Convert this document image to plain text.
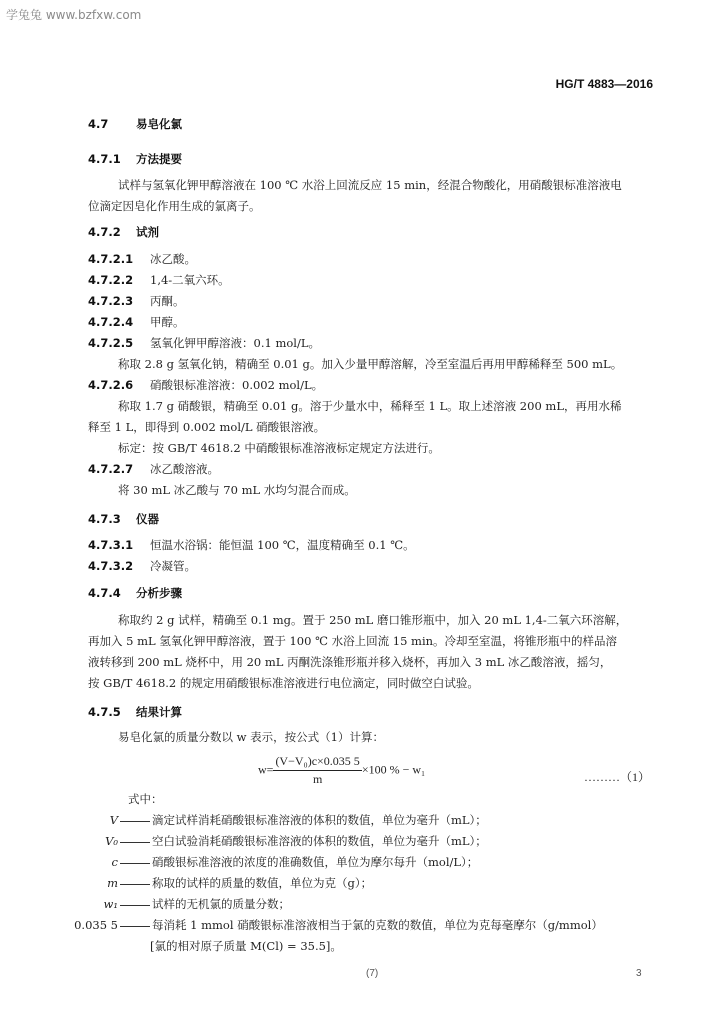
学兔兔 www.bzfxw.com
HG/T 4883—2016
4.7 易皂化氯
4.7.1 方法提要
试样与氢氧化钾甲醇溶液在 100 ℃ 水浴上回流反应 15 min，经混合物酸化，用硝酸银标准溶液电
位滴定因皂化作用生成的氯离子。
4.7.2 试剂
4.7.2.1 冰乙酸。
4.7.2.2 1,4-二氧六环。
4.7.2.3 丙酮。
4.7.2.4 甲醇。
4.7.2.5 氢氧化钾甲醇溶液：0.1 mol/L。
称取 2.8 g 氢氧化钠，精确至 0.01 g。加入少量甲醇溶解，冷至室温后再用甲醇稀释至 500 mL。
4.7.2.6 硝酸银标准溶液：0.002 mol/L。
称取 1.7 g 硝酸银，精确至 0.01 g。溶于少量水中，稀释至 1 L。取上述溶液 200 mL，再用水稀
释至 1 L，即得到 0.002 mol/L 硝酸银溶液。
标定：按 GB/T 4618.2 中硝酸银标准溶液标定规定方法进行。
4.7.2.7 冰乙酸溶液。
将 30 mL 冰乙酸与 70 mL 水均匀混合而成。
4.7.3 仪器
4.7.3.1 恒温水浴锅：能恒温 100 ℃，温度精确至 0.1 ℃。
4.7.3.2 冷凝管。
4.7.4 分析步骤
称取约 2 g 试样，精确至 0.1 mg。置于 250 mL 磨口锥形瓶中，加入 20 mL 1,4-二氧六环溶解，
再加入 5 mL 氢氧化钾甲醇溶液，置于 100 ℃ 水浴上回流 15 min。冷却至室温，将锥形瓶中的样品溶
液转移到 200 mL 烧杯中，用 20 mL 丙酮洗涤锥形瓶并移入烧杯，再加入 3 mL 冰乙酸溶液，摇匀，
按 GB/T 4618.2 的规定用硝酸银标准溶液进行电位滴定，同时做空白试验。
4.7.5 结果计算
易皂化氯的质量分数以 w 表示，按公式（1）计算：
$w= \frac{\text{(V−V₀)c×0.035 5}}{m} \times 100$ % − w₁
………（1）
式中：
V	滴定试样消耗硝酸银标准溶液的体积的数值，单位为毫升（mL）；
V₀	空白试验消耗硝酸银标准溶液的体积的数值，单位为毫升（mL）；
c	硝酸银标准溶液的浓度的准确数值，单位为摩尔每升（mol/L）；
m	称取的试样的质量的数值，单位为克（g）；
w₁	试样的无机氯的质量分数；
0.035 5	每消耗 1 mmol 硝酸银标准溶液相当于氯的克数的数值，单位为克每毫摩尔（g/mmol）
[氯的相对原子质量 M(Cl) = 35.5]。
(7)	3
